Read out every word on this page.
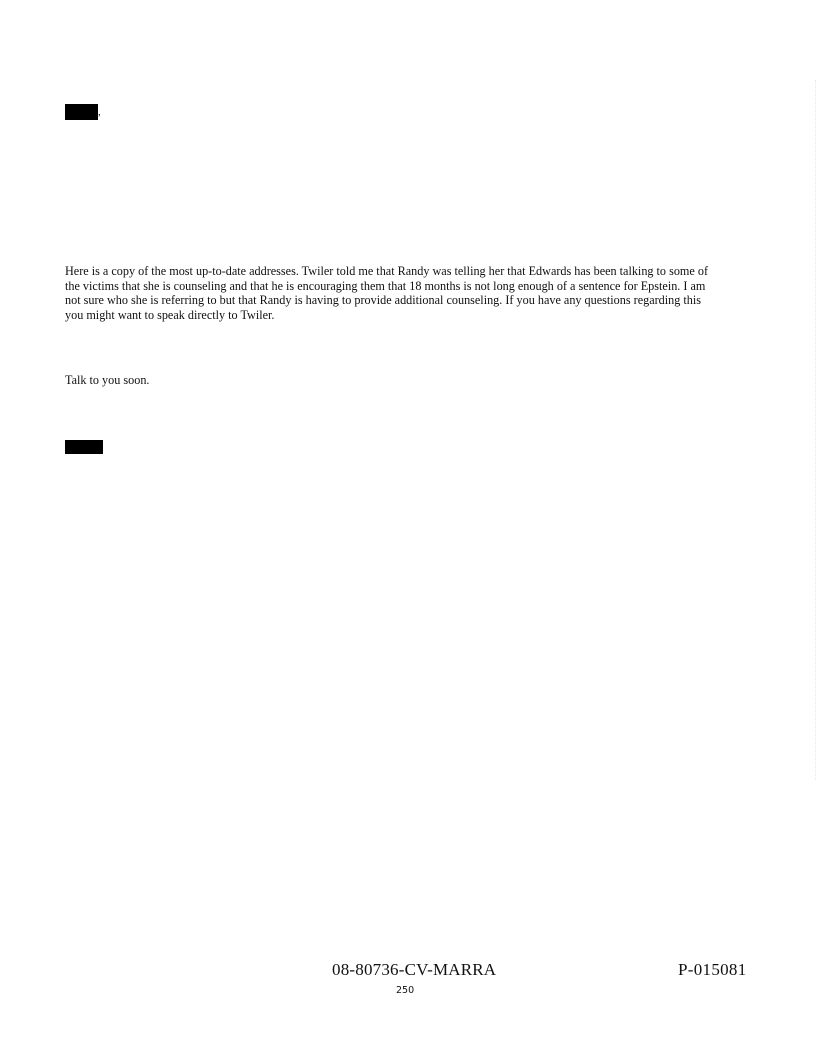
,

Here is a copy of the most up-to-date addresses. Twiler told me that Randy was telling her that Edwards has been talking to some of
the victims that she is counseling and that he is encouraging them that 18 months is not long enough of a sentence for Epstein. I am
not sure who she is referring to but that Randy is having to provide additional counseling. If you have any questions regarding this
you might want to speak directly to Twiler.

Talk to you soon.

08-80736-CV-MARRA	P-015081
250
